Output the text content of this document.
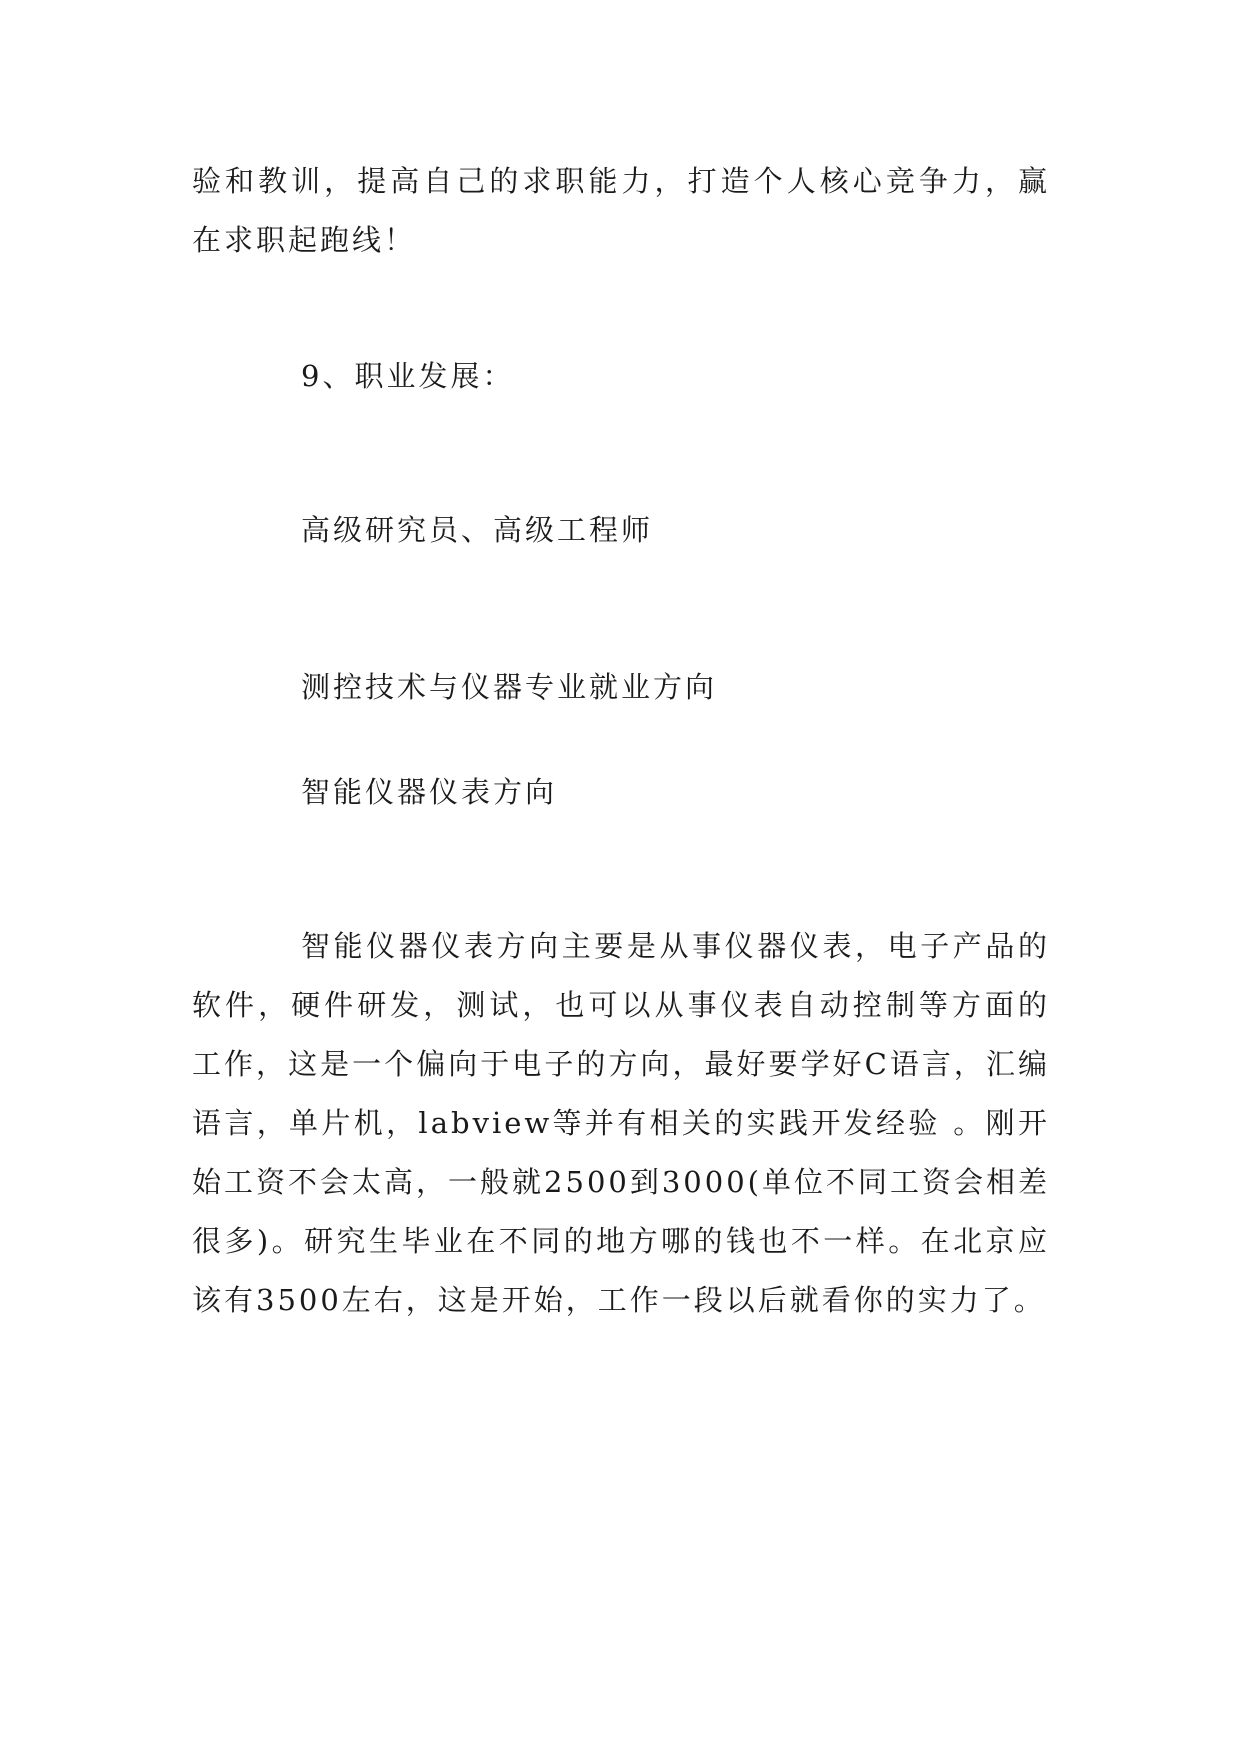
验和教训，提高自己的求职能力，打造个人核心竞争力，赢在求职起跑线！

9、职业发展：

高级研究员、高级工程师

测控技术与仪器专业就业方向

智能仪器仪表方向

智能仪器仪表方向主要是从事仪器仪表，电子产品的软件，硬件研发，测试，也可以从事仪表自动控制等方面的工作，这是一个偏向于电子的方向，最好要学好C语言，汇编语言，单片机，labview等并有相关的实践开发经验 。刚开始工资不会太高，一般就2500到3000(单位不同工资会相差很多)。研究生毕业在不同的地方哪的钱也不一样。在北京应该有3500左右，这是开始，工作一段以后就看你的实力了。
